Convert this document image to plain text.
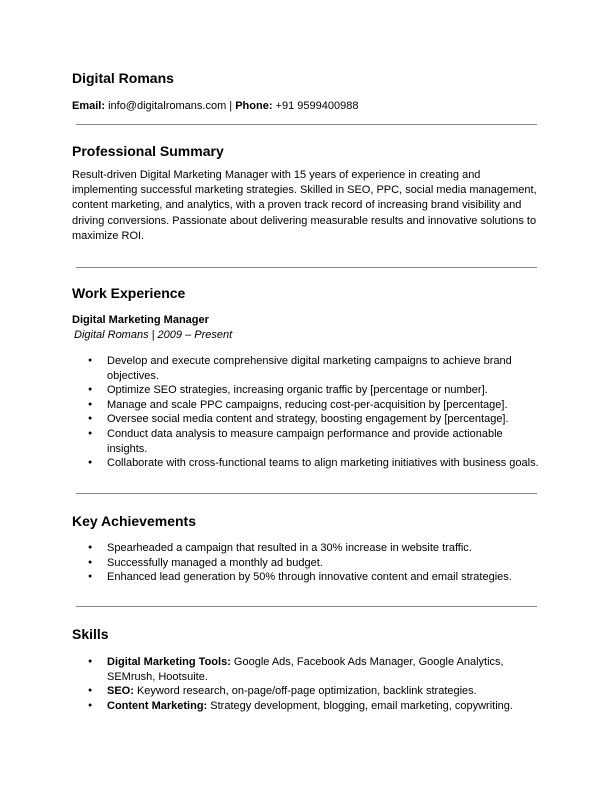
Digital Romans

Email: info@digitalromans.com | Phone: +91 9599400988

Professional Summary

Result-driven Digital Marketing Manager with 15 years of experience in creating and implementing successful marketing strategies. Skilled in SEO, PPC, social media management, content marketing, and analytics, with a proven track record of increasing brand visibility and driving conversions. Passionate about delivering measurable results and innovative solutions to maximize ROI.

Work Experience
Digital Marketing Manager
Digital Romans | 2009 – Present
● Develop and execute comprehensive digital marketing campaigns to achieve brand objectives.
● Optimize SEO strategies, increasing organic traffic by [percentage or number].
● Manage and scale PPC campaigns, reducing cost-per-acquisition by [percentage].
● Oversee social media content and strategy, boosting engagement by [percentage].
● Conduct data analysis to measure campaign performance and provide actionable insights.
● Collaborate with cross-functional teams to align marketing initiatives with business goals.
Key Achievements
● Spearheaded a campaign that resulted in a 30% increase in website traffic.
● Successfully managed a monthly ad budget.
● Enhanced lead generation by 50% through innovative content and email strategies.
Skills
● Digital Marketing Tools: Google Ads, Facebook Ads Manager, Google Analytics, SEMrush, Hootsuite.
● SEO: Keyword research, on-page/off-page optimization, backlink strategies.
● Content Marketing: Strategy development, blogging, email marketing, copywriting.
